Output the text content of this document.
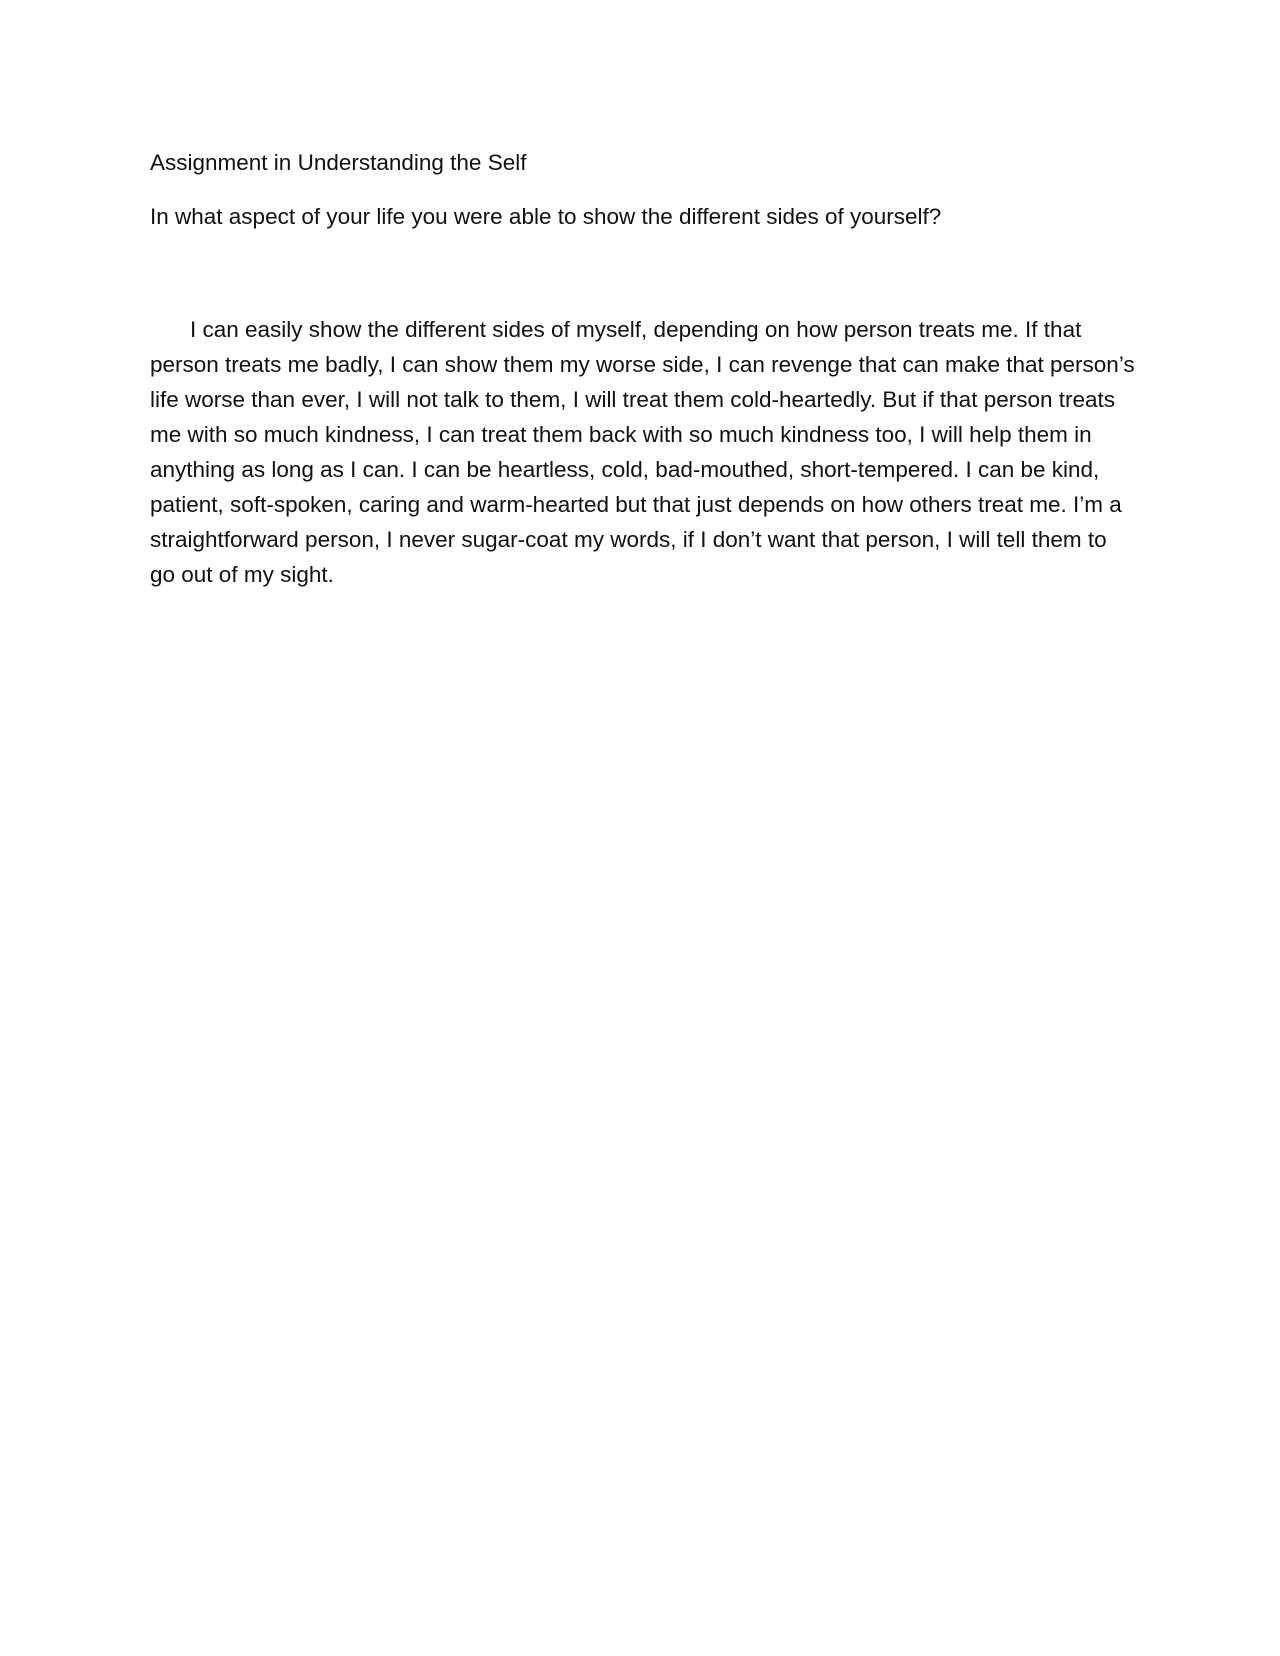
Assignment in Understanding the Self

In what aspect of your life you were able to show the different sides of yourself?

I can easily show the different sides of myself, depending on how person treats me. If that person treats me badly, I can show them my worse side, I can revenge that can make that person’s life worse than ever, I will not talk to them, I will treat them cold-heartedly. But if that person treats me with so much kindness, I can treat them back with so much kindness too, I will help them in anything as long as I can. I can be heartless, cold, bad-mouthed, short-tempered. I can be kind, patient, soft-spoken, caring and warm-hearted but that just depends on how others treat me. I’m a straightforward person, I never sugar-coat my words, if I don’t want that person, I will tell them to go out of my sight.
